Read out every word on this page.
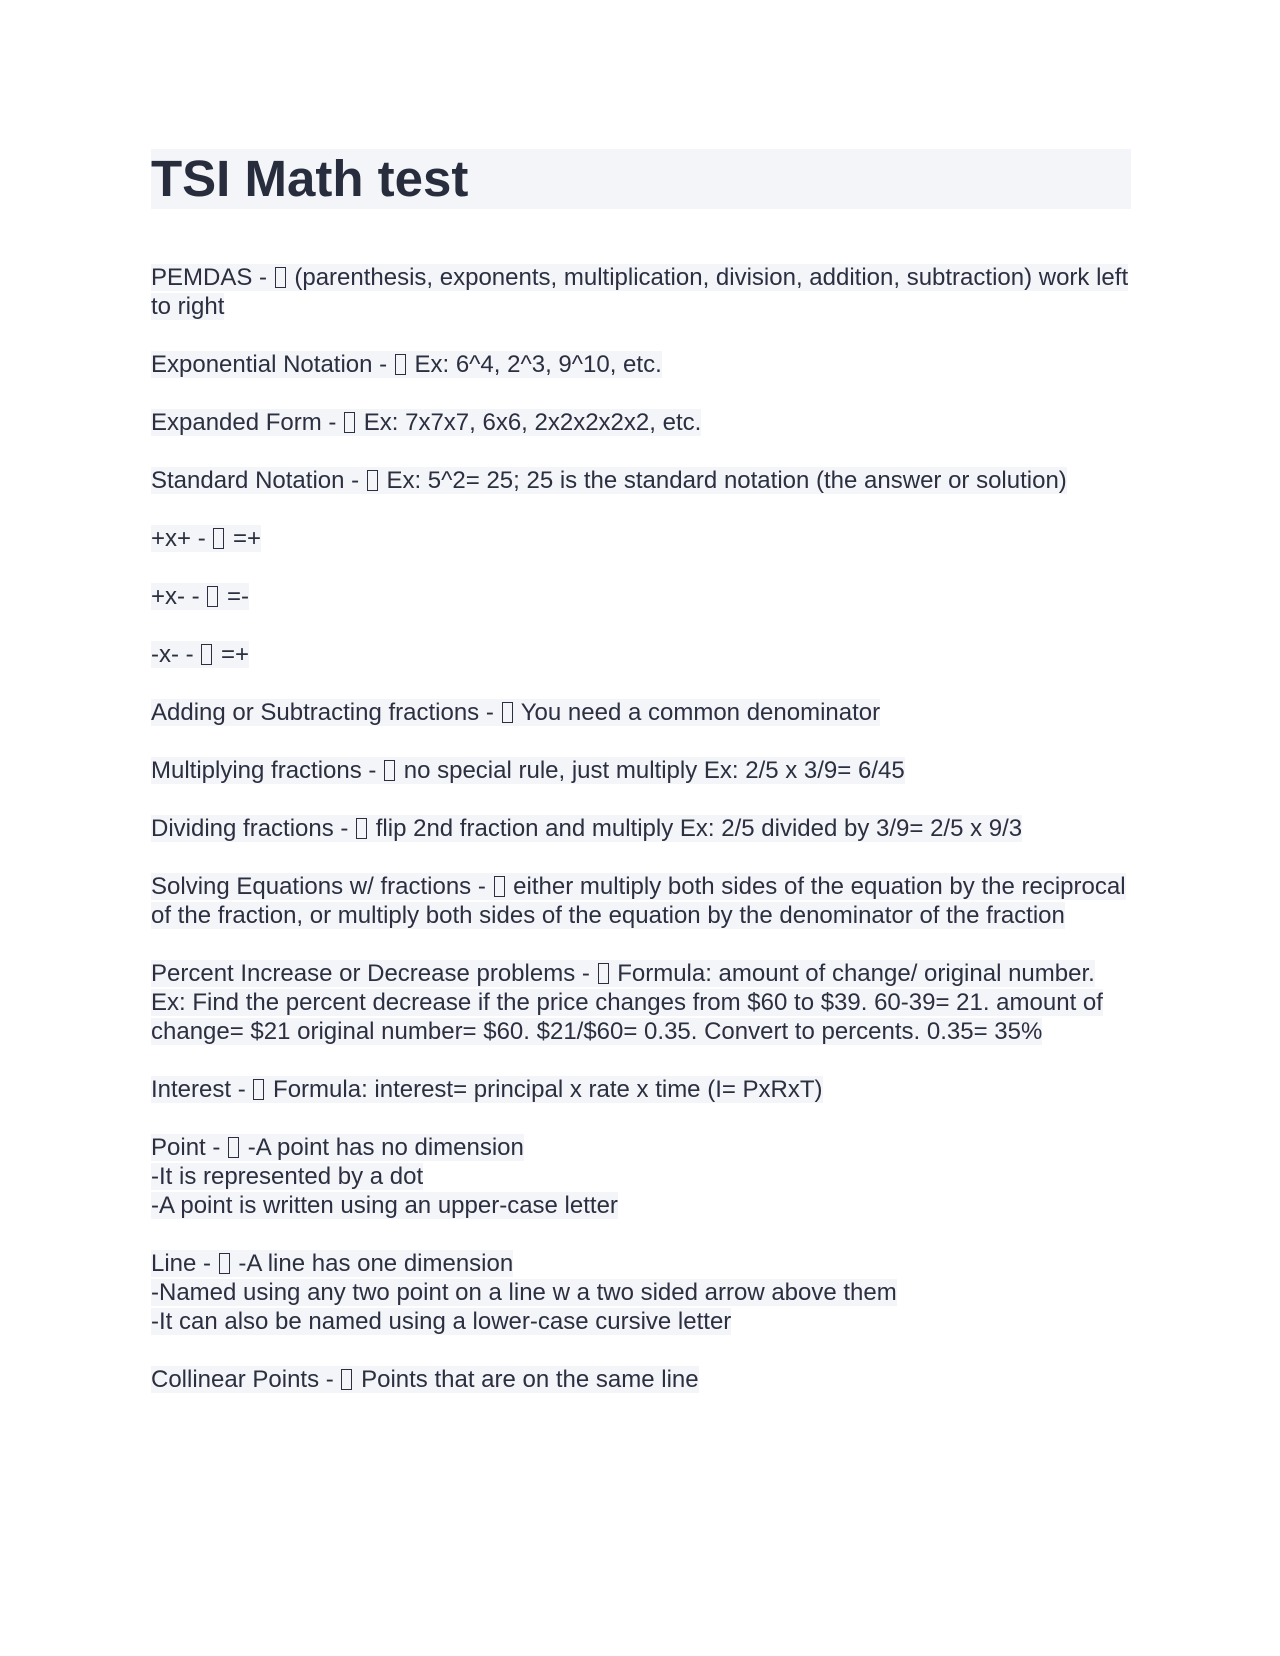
TSI Math test
PEMDAS -  (parenthesis, exponents, multiplication, division, addition, subtraction) work left to right
Exponential Notation -  Ex: 6^4, 2^3, 9^10, etc.
Expanded Form -  Ex: 7x7x7, 6x6, 2x2x2x2x2, etc.
Standard Notation -  Ex: 5^2= 25; 25 is the standard notation (the answer or solution)
+x+ -  =+
+x- -  =-
-x- -  =+
Adding or Subtracting fractions -  You need a common denominator
Multiplying fractions -  no special rule, just multiply Ex: 2/5 x 3/9= 6/45
Dividing fractions -  flip 2nd fraction and multiply Ex: 2/5 divided by 3/9= 2/5 x 9/3
Solving Equations w/ fractions -  either multiply both sides of the equation by the reciprocal of the fraction, or multiply both sides of the equation by the denominator of the fraction
Percent Increase or Decrease problems -  Formula: amount of change/ original number. Ex: Find the percent decrease if the price changes from $60 to $39. 60-39= 21. amount of change= $21 original number= $60. $21/$60= 0.35. Convert to percents. 0.35= 35%
Interest -  Formula: interest= principal x rate x time (I= PxRxT)
Point -  -A point has no dimension
-It is represented by a dot
-A point is written using an upper-case letter
Line -  -A line has one dimension
-Named using any two point on a line w a two sided arrow above them
-It can also be named using a lower-case cursive letter
Collinear Points -  Points that are on the same line
